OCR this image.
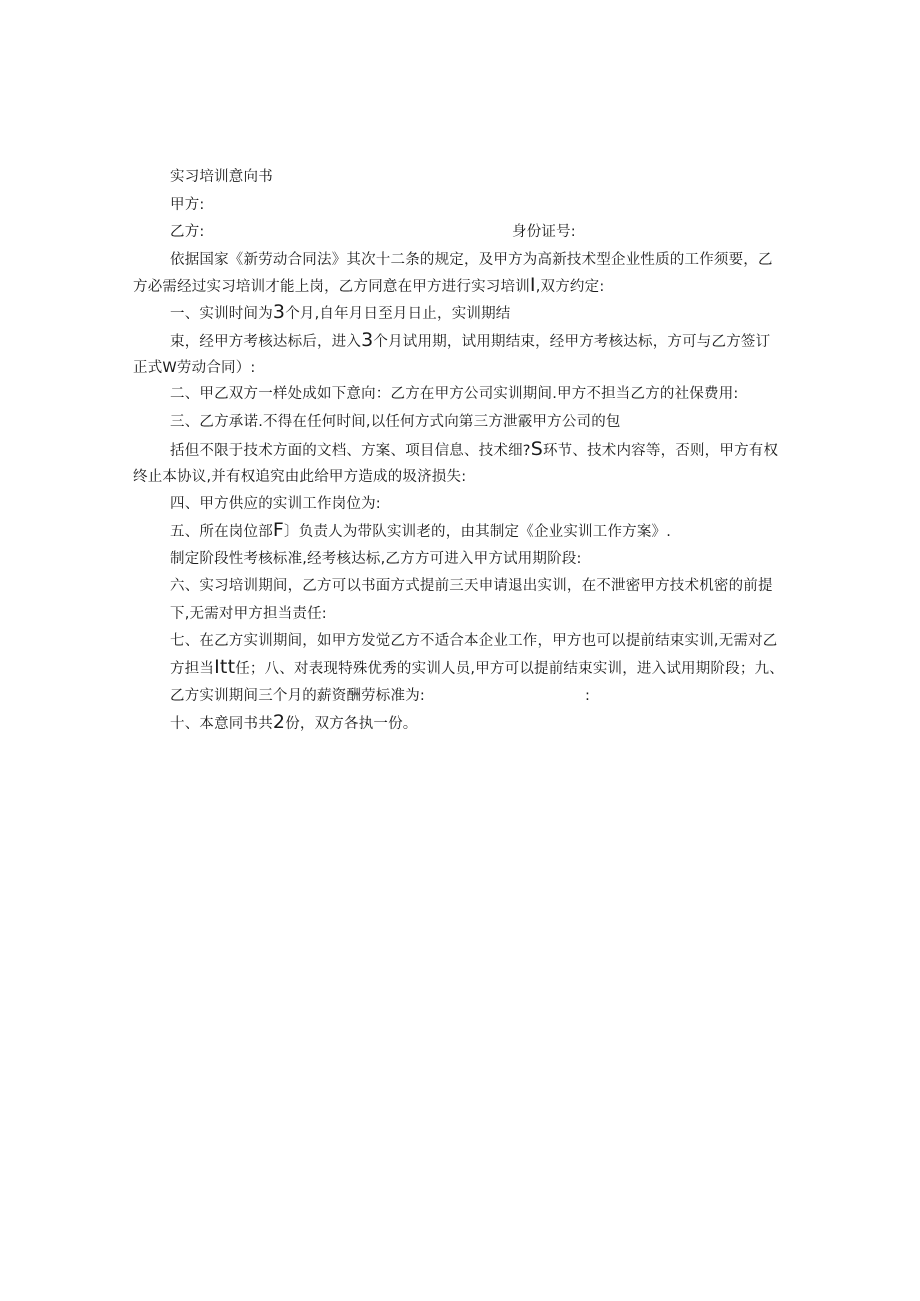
实习培训意向书
甲方:
乙方:	身份证号:
依据国家《新劳动合同法》其次十二条的规定，及甲方为高新技术型企业性质的工作须要，乙
方必需经过实习培训才能上岗，乙方同意在甲方进行实习培训I,双方约定:
一、实训时间为3个月,自年月日至月日止，实训期结
束，经甲方考核达标后，进入3个月试用期，试用期结束，经甲方考核达标，方可与乙方签订
正式W劳动合同）:
二、甲乙双方一样处成如下意向：乙方在甲方公司实训期间.甲方不担当乙方的社保费用:
三、乙方承诺.不得在任何时间,以任何方式向第三方泄霰甲方公司的包
括但不限于技术方面的文档、方案、项目信息、技术细?S环节、技术内容等，否则，甲方有权
终止本协议,并有权追究由此给甲方造成的圾济损失:
四、甲方供应的实训工作岗位为:
五、所在岗位部F〕负责人为带队实训老的，由其制定《企业实训工作方案》.
制定阶段性考核标准,经考核达标,乙方方可进入甲方试用期阶段:
六、实习培训期间，乙方可以书面方式提前三天申请退出实训，在不泄密甲方技术机密的前提
下,无需对甲方担当责任:
七、在乙方实训期间，如甲方发觉乙方不适合本企业工作，甲方也可以提前结束实训,无需对乙
方担当Itt任；八、对表现特殊优秀的实训人员,甲方可以提前结束实训，进入试用期阶段；九、
乙方实训期间三个月的薪资酬劳标准为:	:
十、本意同书共2份，双方各执一份。
